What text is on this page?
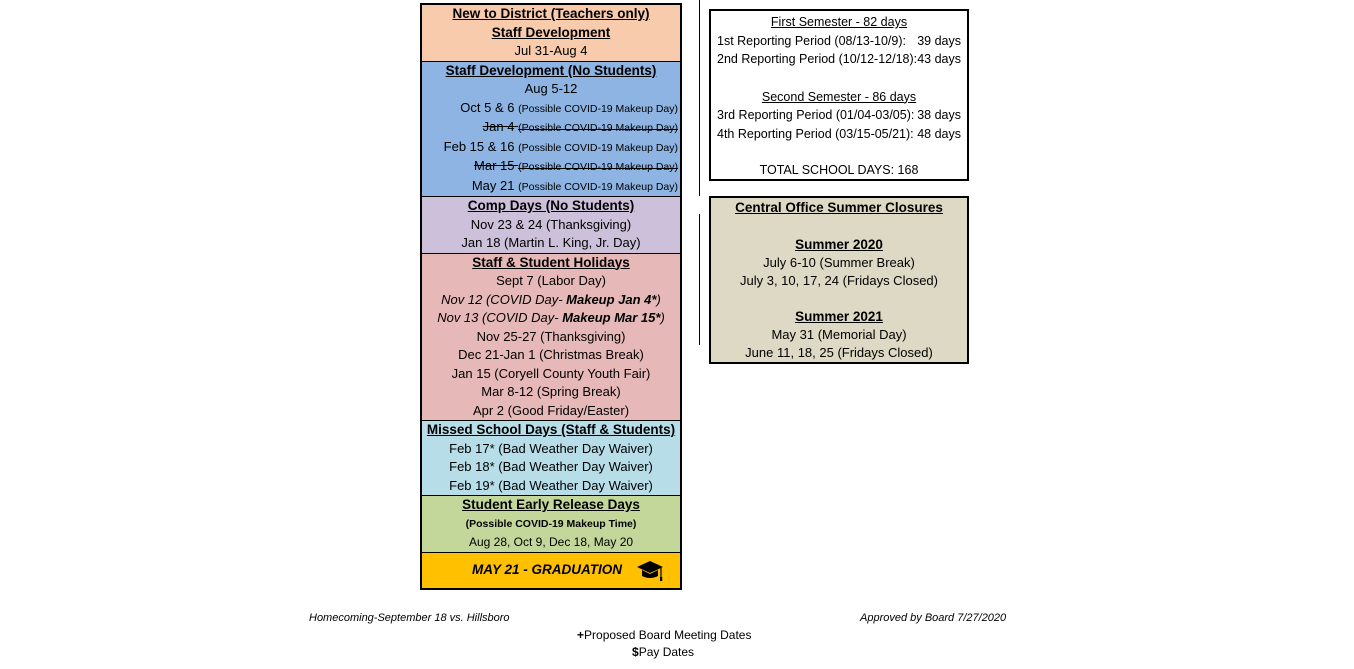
New to District (Teachers only)
Staff Development
Jul 31-Aug 4
Staff Development (No Students)
Aug 5-12
Oct 5 & 6 (Possible COVID-19 Makeup Day)
Jan 4 (Possible COVID-19 Makeup Day)
Feb 15 & 16 (Possible COVID-19 Makeup Day)
Mar 15 (Possible COVID-19 Makeup Day)
May 21 (Possible COVID-19 Makeup Day)
Comp Days (No Students)
Nov 23 & 24 (Thanksgiving)
Jan 18 (Martin L. King, Jr. Day)
Staff & Student Holidays
Sept 7 (Labor Day)
Nov 12 (COVID Day- Makeup Jan 4*)
Nov 13 (COVID Day- Makeup Mar 15*)
Nov 25-27 (Thanksgiving)
Dec 21-Jan 1 (Christmas Break)
Jan 15 (Coryell County Youth Fair)
Mar 8-12 (Spring Break)
Apr 2 (Good Friday/Easter)
Missed School Days (Staff & Students)
Feb 17* (Bad Weather Day Waiver)
Feb 18* (Bad Weather Day Waiver)
Feb 19* (Bad Weather Day Waiver)
Student Early Release Days
(Possible COVID-19 Makeup Time)
Aug 28, Oct 9, Dec 18, May 20
MAY 21 - GRADUATION
First Semester - 82 days
1st Reporting Period (08/13-10/9): 39 days
2nd Reporting Period (10/12-12/18): 43 days
Second Semester - 86 days
3rd Reporting Period (01/04-03/05): 38 days
4th Reporting Period (03/15-05/21): 48 days
TOTAL SCHOOL DAYS: 168
Central Office Summer Closures
Summer 2020
July 6-10 (Summer Break)
July 3, 10, 17, 24 (Fridays Closed)
Summer 2021
May 31 (Memorial Day)
June 11, 18, 25 (Fridays Closed)
Homecoming-September 18 vs. Hillsboro	Approved by Board 7/27/2020
+Proposed Board Meeting Dates
$Pay Dates
